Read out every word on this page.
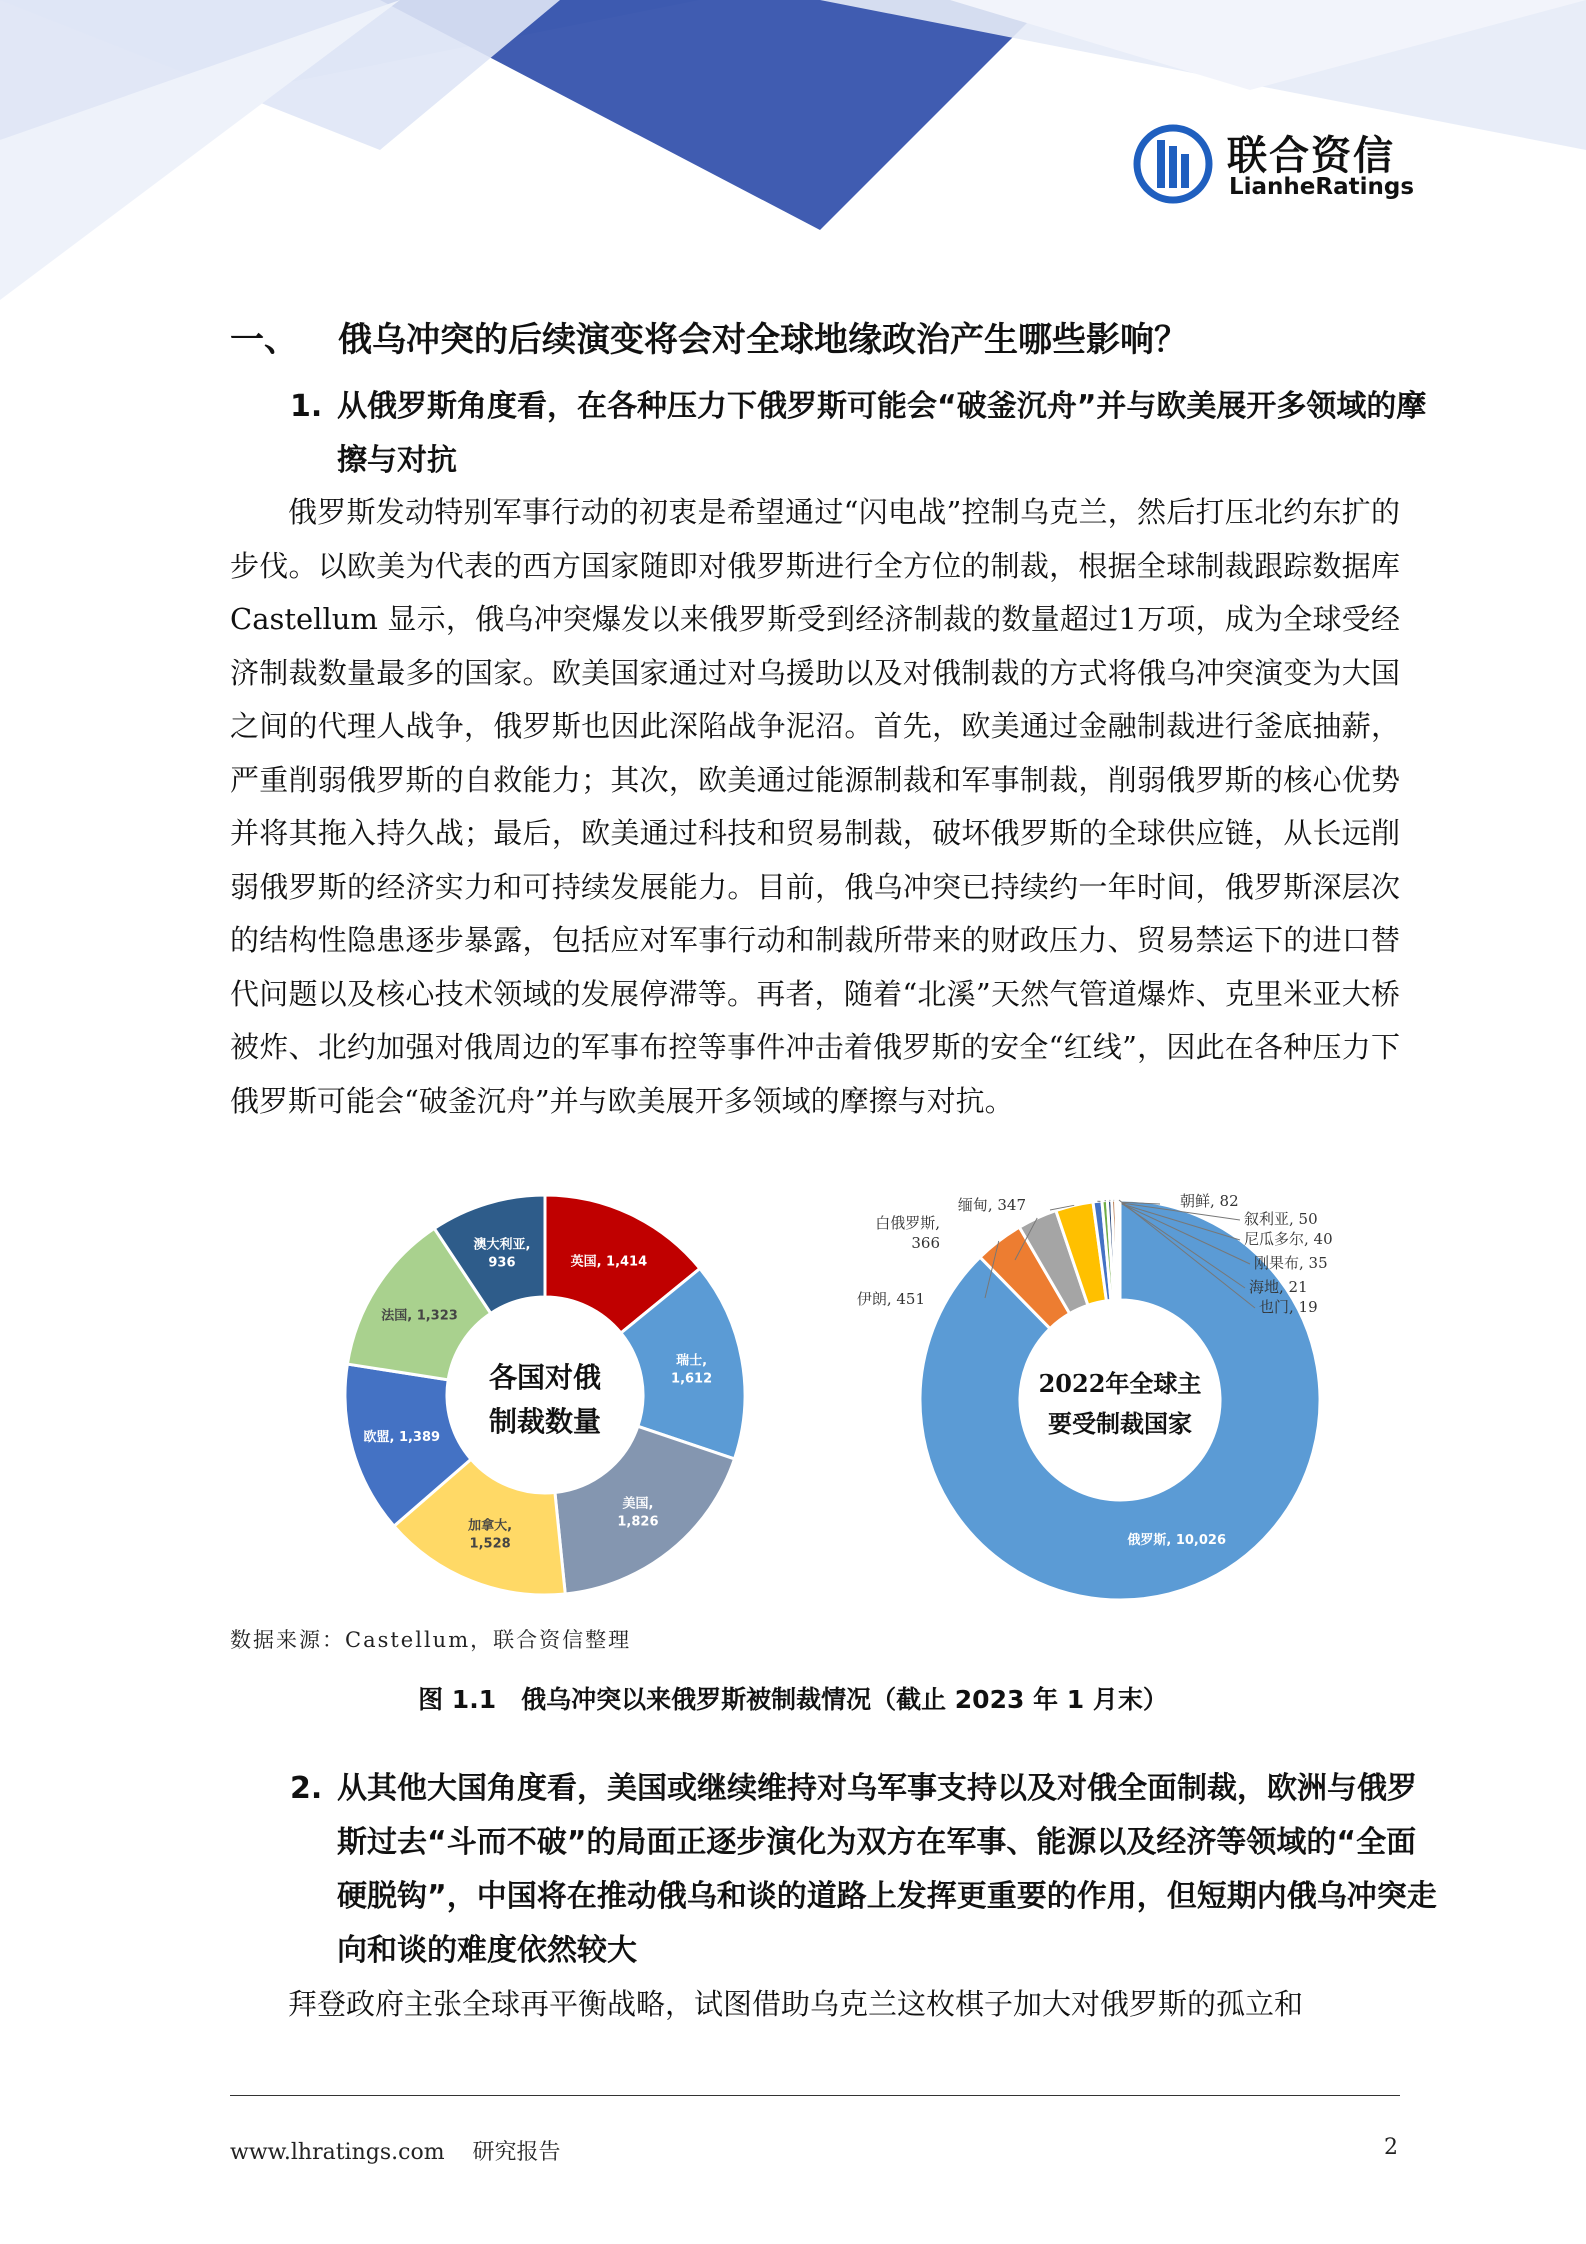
联合资信
LianheRatings
一、 俄乌冲突的后续演变将会对全球地缘政治产生哪些影响？
1. 从俄罗斯角度看，在各种压力下俄罗斯可能会“破釜沉舟”并与欧美展开多领域的摩擦与对抗
俄罗斯发动特别军事行动的初衷是希望通过“闪电战”控制乌克兰，然后打压北约东扩的步伐。以欧美为代表的西方国家随即对俄罗斯进行全方位的制裁，根据全球制裁跟踪数据库 Castellum 显示，俄乌冲突爆发以来俄罗斯受到经济制裁的数量超过1万项，成为全球受经济制裁数量最多的国家。欧美国家通过对乌援助以及对俄制裁的方式将俄乌冲突演变为大国之间的代理人战争，俄罗斯也因此深陷战争泥沼。首先，欧美通过金融制裁进行釜底抽薪，严重削弱俄罗斯的自救能力；其次，欧美通过能源制裁和军事制裁，削弱俄罗斯的核心优势并将其拖入持久战；最后，欧美通过科技和贸易制裁，破坏俄罗斯的全球供应链，从长远削弱俄罗斯的经济实力和可持续发展能力。目前，俄乌冲突已持续约一年时间，俄罗斯深层次的结构性隐患逐步暴露，包括应对军事行动和制裁所带来的财政压力、贸易禁运下的进口替代问题以及核心技术领域的发展停滞等。再者，随着“北溪”天然气管道爆炸、克里米亚大桥被炸、北约加强对俄周边的军事布控等事件冲击着俄罗斯的安全“红线”，因此在各种压力下俄罗斯可能会“破釜沉舟”并与欧美展开多领域的摩擦与对抗。
英国, 1,414
瑞士,
1,612
美国,
1,826
加拿大,
1,528
欧盟, 1,389
法国, 1,323
澳大利亚,
936
各国对俄
制裁数量
俄罗斯, 10,026
伊朗, 451
白俄罗斯,
366
缅甸, 347	朝鲜, 82
叙利亚, 50
尼瓜多尔, 40
刚果布, 35
海地, 21
也门, 19
2022年全球主
要受制裁国家
数据来源：Castellum，联合资信整理
图 1.1　俄乌冲突以来俄罗斯被制裁情况（截止 2023 年 1 月末）
2. 从其他大国角度看，美国或继续维持对乌军事支持以及对俄全面制裁，欧洲与俄罗斯过去“斗而不破”的局面正逐步演化为双方在军事、能源以及经济等领域的“全面硬脱钩”，中国将在推动俄乌和谈的道路上发挥更重要的作用，但短期内俄乌冲突走向和谈的难度依然较大
拜登政府主张全球再平衡战略，试图借助乌克兰这枚棋子加大对俄罗斯的孤立和
www.lhratings.com 研究报告	2
